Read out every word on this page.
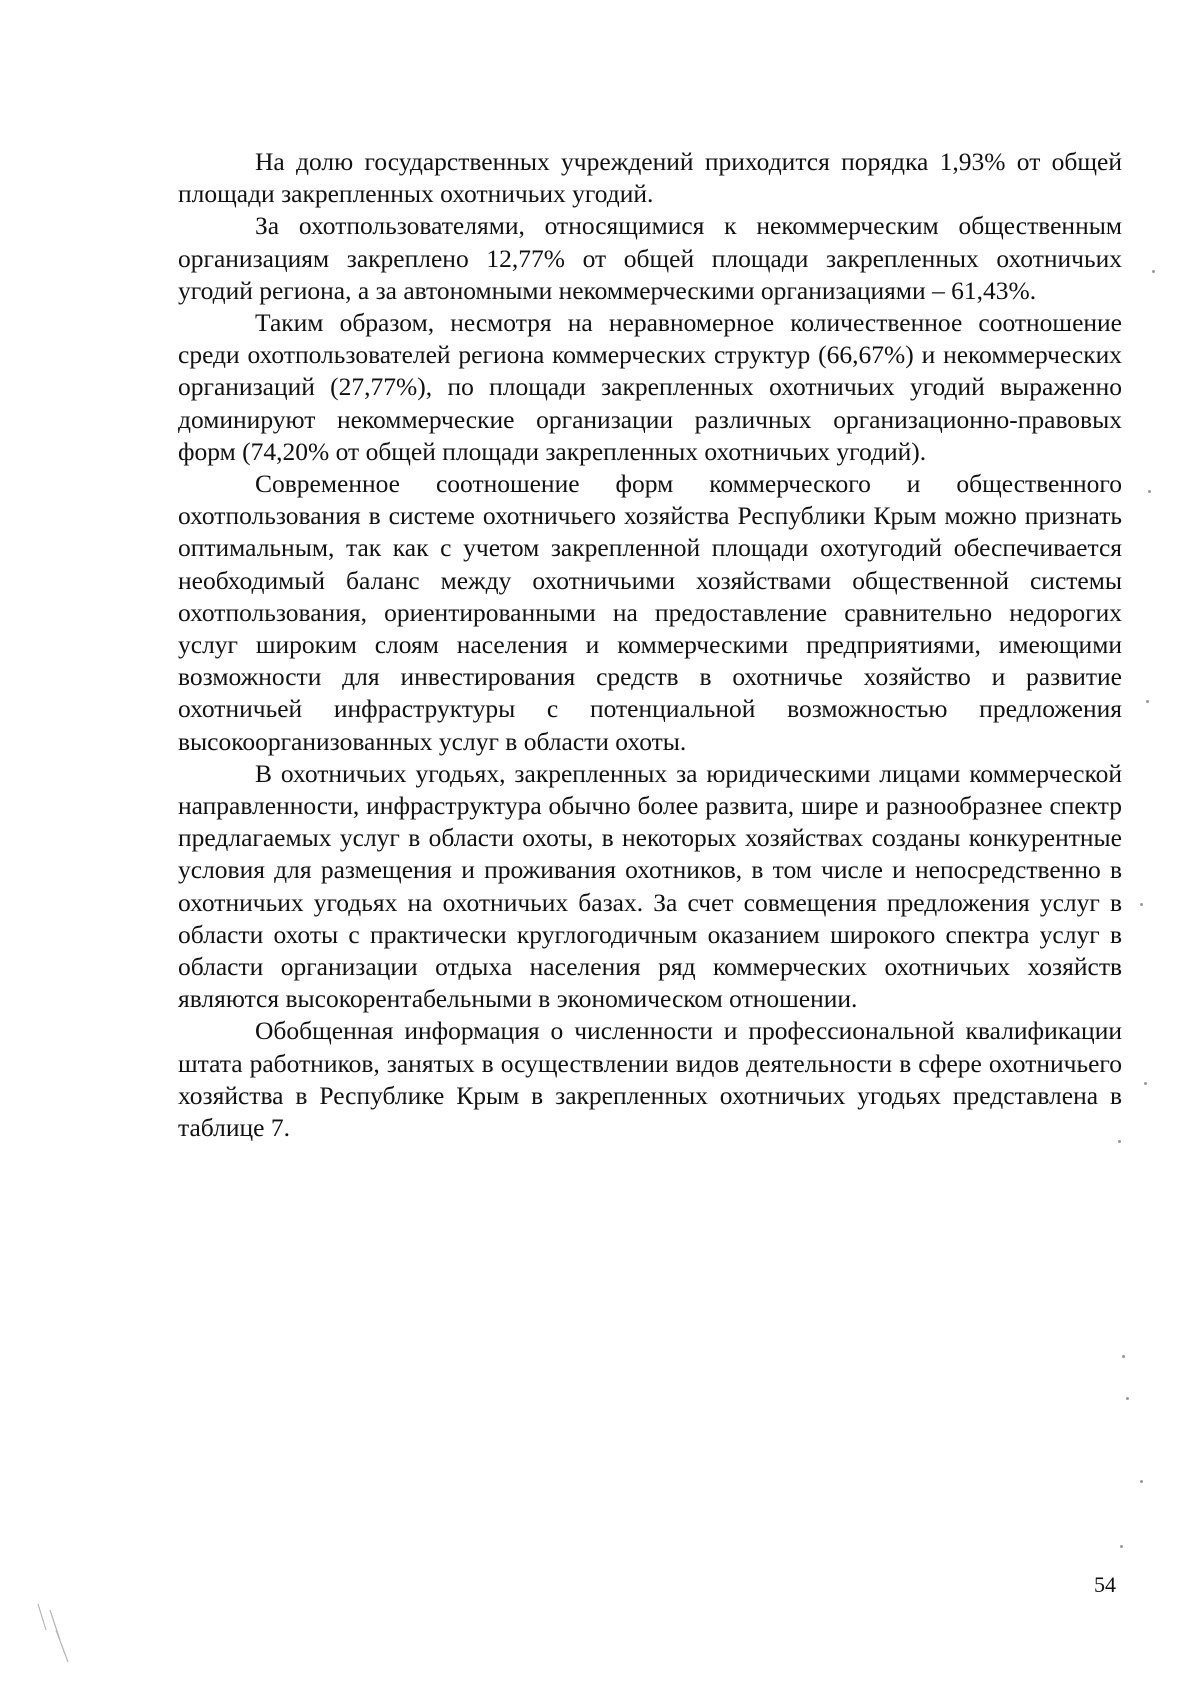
На долю государственных учреждений приходится порядка 1,93% от общей площади закрепленных охотничьих угодий.

За охотпользователями, относящимися к некоммерческим общественным организациям закреплено 12,77% от общей площади закрепленных охотничьих угодий региона, а за автономными некоммерческими организациями – 61,43%.

Таким образом, несмотря на неравномерное количественное соотношение среди охотпользователей региона коммерческих структур (66,67%) и некоммерческих организаций (27,77%), по площади закрепленных охотничьих угодий выраженно доминируют некоммерческие организации различных организационно-правовых форм (74,20% от общей площади закрепленных охотничьих угодий).

Современное соотношение форм коммерческого и общественного охотпользования в системе охотничьего хозяйства Республики Крым можно признать оптимальным, так как с учетом закрепленной площади охотугодий обеспечивается необходимый баланс между охотничьими хозяйствами общественной системы охотпользования, ориентированными на предоставление сравнительно недорогих услуг широким слоям населения и коммерческими предприятиями, имеющими возможности для инвестирования средств в охотничье хозяйство и развитие охотничьей инфраструктуры с потенциальной возможностью предложения высокоорганизованных услуг в области охоты.

В охотничьих угодьях, закрепленных за юридическими лицами коммерческой направленности, инфраструктура обычно более развита, шире и разнообразнее спектр предлагаемых услуг в области охоты, в некоторых хозяйствах созданы конкурентные условия для размещения и проживания охотников, в том числе и непосредственно в охотничьих угодьях на охотничьих базах. За счет совмещения предложения услуг в области охоты с практически круглогодичным оказанием широкого спектра услуг в области организации отдыха населения ряд коммерческих охотничьих хозяйств являются высокорентабельными в экономическом отношении.

Обобщенная информация о численности и профессиональной квалификации штата работников, занятых в осуществлении видов деятельности в сфере охотничьего хозяйства в Республике Крым в закрепленных охотничьих угодьях представлена в таблице 7.

54
